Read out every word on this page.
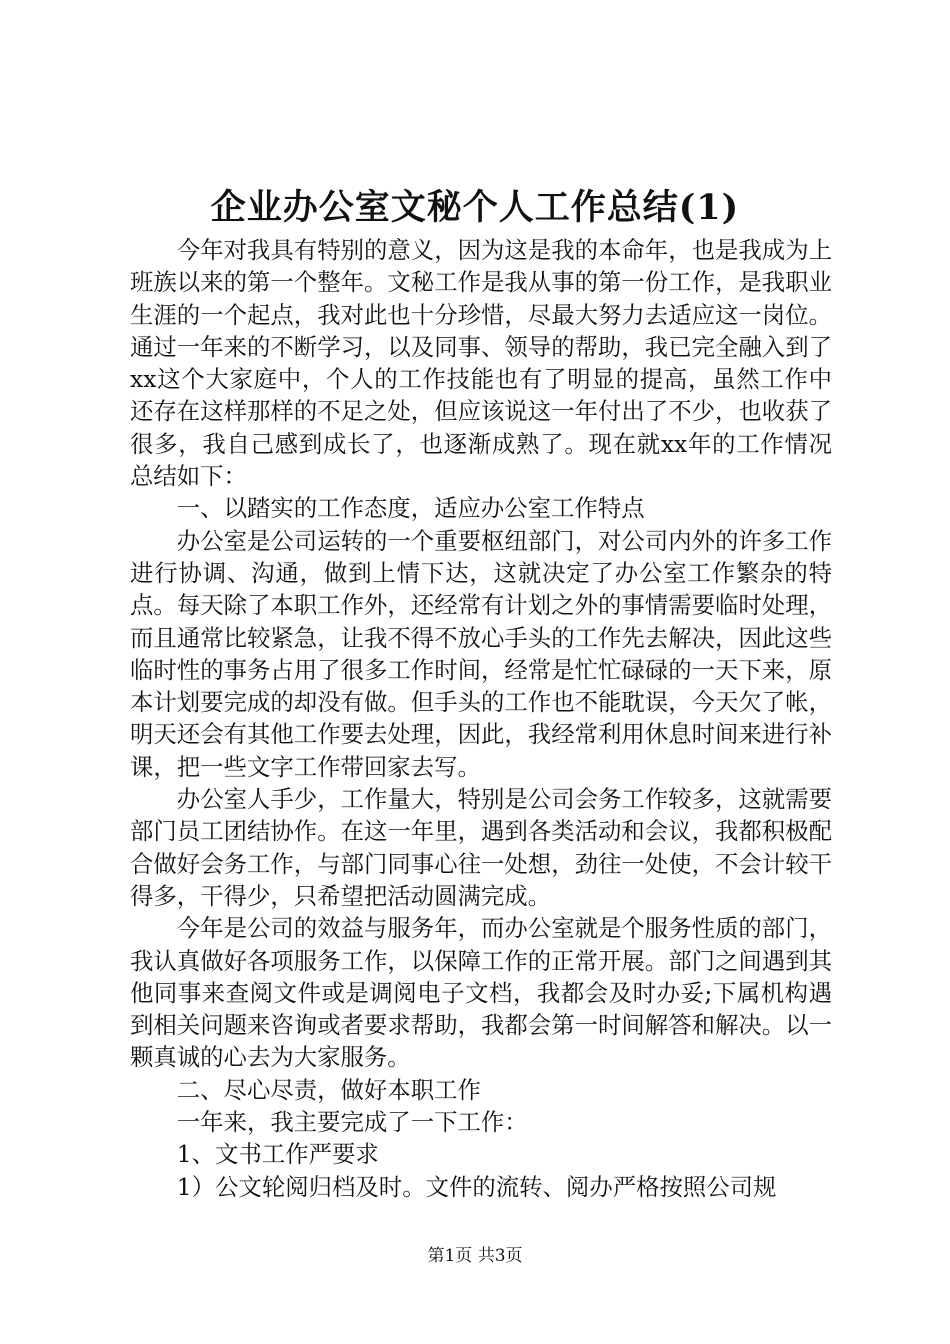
企业办公室文秘个人工作总结(1)

今年对我具有特别的意义，因为这是我的本命年，也是我成为上班族以来的第一个整年。文秘工作是我从事的第一份工作，是我职业生涯的一个起点，我对此也十分珍惜，尽最大努力去适应这一岗位。通过一年来的不断学习，以及同事、领导的帮助，我已完全融入到了xx这个大家庭中，个人的工作技能也有了明显的提高，虽然工作中还存在这样那样的不足之处，但应该说这一年付出了不少，也收获了很多，我自己感到成长了，也逐渐成熟了。现在就xx年的工作情况总结如下：

一、以踏实的工作态度，适应办公室工作特点

办公室是公司运转的一个重要枢纽部门，对公司内外的许多工作进行协调、沟通，做到上情下达，这就决定了办公室工作繁杂的特点。每天除了本职工作外，还经常有计划之外的事情需要临时处理，而且通常比较紧急，让我不得不放心手头的工作先去解决，因此这些临时性的事务占用了很多工作时间，经常是忙忙碌碌的一天下来，原本计划要完成的却没有做。但手头的工作也不能耽误，今天欠了帐，明天还会有其他工作要去处理，因此，我经常利用休息时间来进行补课，把一些文字工作带回家去写。

办公室人手少，工作量大，特别是公司会务工作较多，这就需要部门员工团结协作。在这一年里，遇到各类活动和会议，我都积极配合做好会务工作，与部门同事心往一处想，劲往一处使，不会计较干得多，干得少，只希望把活动圆满完成。

今年是公司的效益与服务年，而办公室就是个服务性质的部门，我认真做好各项服务工作，以保障工作的正常开展。部门之间遇到其他同事来查阅文件或是调阅电子文档，我都会及时办妥;下属机构遇到相关问题来咨询或者要求帮助，我都会第一时间解答和解决。以一颗真诚的心去为大家服务。

二、尽心尽责，做好本职工作

一年来，我主要完成了一下工作：

1、文书工作严要求

1）公文轮阅归档及时。文件的流转、阅办严格按照公司规

第1页 共3页
